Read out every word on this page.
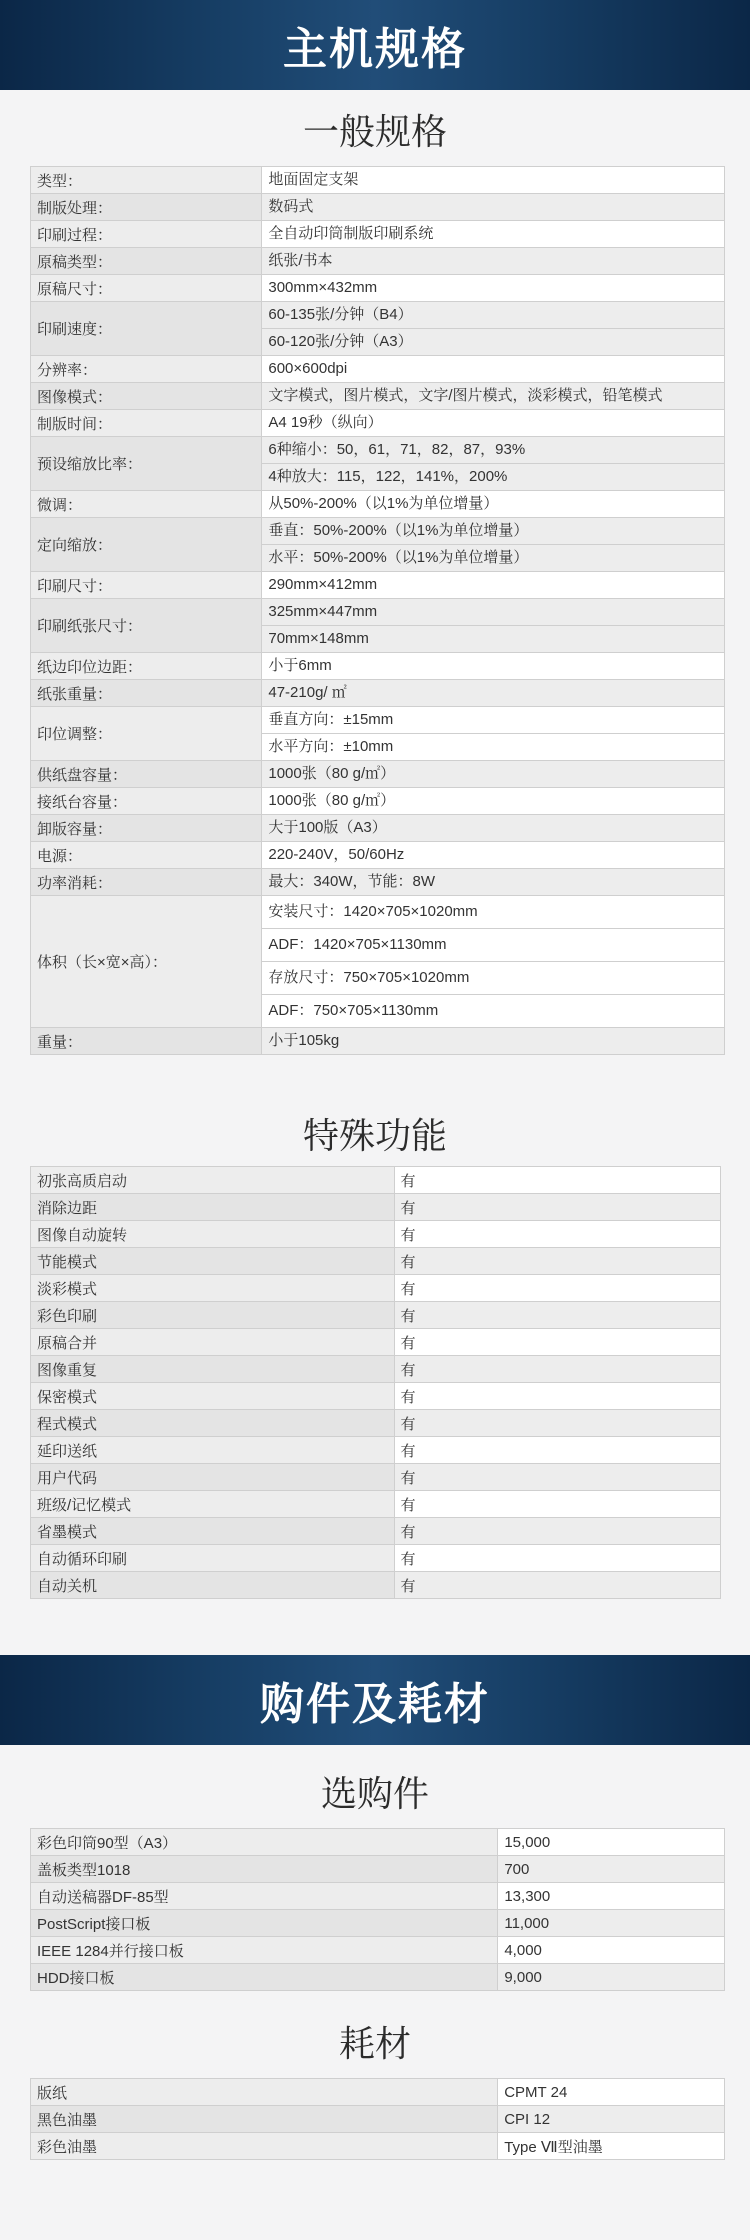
主机规格
一般规格
类型：	地面固定支架

制版处理：	数码式

印刷过程：	全自动印筒制版印刷系统

原稿类型：	纸张/书本

原稿尺寸：	300mm×432mm

印刷速度：	60-135张/分钟（B4）
60-120张/分钟（A3）

分辨率：	600×600dpi

图像模式：	文字模式，图片模式，文字/图片模式，淡彩模式，铅笔模式

制版时间：	A4 19秒（纵向）

预设缩放比率：	6种缩小：50，61，71，82，87，93%
4种放大：115，122，141%，200%

微调：	从50%-200%（以1%为单位增量）

定向缩放：	垂直：50%-200%（以1%为单位增量）
水平：50%-200%（以1%为单位增量）

印刷尺寸：	290mm×412mm

印刷纸张尺寸：	325mm×447mm
70mm×148mm

纸边印位边距：	小于6mm

纸张重量：	47-210g/ ㎡

印位调整：	垂直方向：±15mm
水平方向：±10mm

供纸盘容量：	1000张（80 g/㎡）

接纸台容量：	1000张（80 g/㎡）

卸版容量：	大于100版（A3）

电源：	220-240V，50/60Hz

功率消耗：	最大：340W，节能：8W

体积（长×宽×高）：	安装尺寸：1420×705×1020mm
ADF：1420×705×1130mm
存放尺寸：750×705×1020mm
ADF：750×705×1130mm

重量：	小于105kg
特殊功能
初张高质启动	有
消除边距	有
图像自动旋转	有
节能模式	有
淡彩模式	有
彩色印刷	有
原稿合并	有
图像重复	有
保密模式	有
程式模式	有
延印送纸	有
用户代码	有
班级/记忆模式	有
省墨模式	有
自动循环印刷	有
自动关机	有
购件及耗材
选购件
彩色印筒90型（A3）	15,000
盖板类型1018	700
自动送稿器DF-85型	13,300
PostScript接口板	11,000
IEEE 1284并行接口板	4,000
HDD接口板	9,000
耗材
版纸	CPMT 24
黑色油墨	CPI 12
彩色油墨	Type Ⅶ型油墨
